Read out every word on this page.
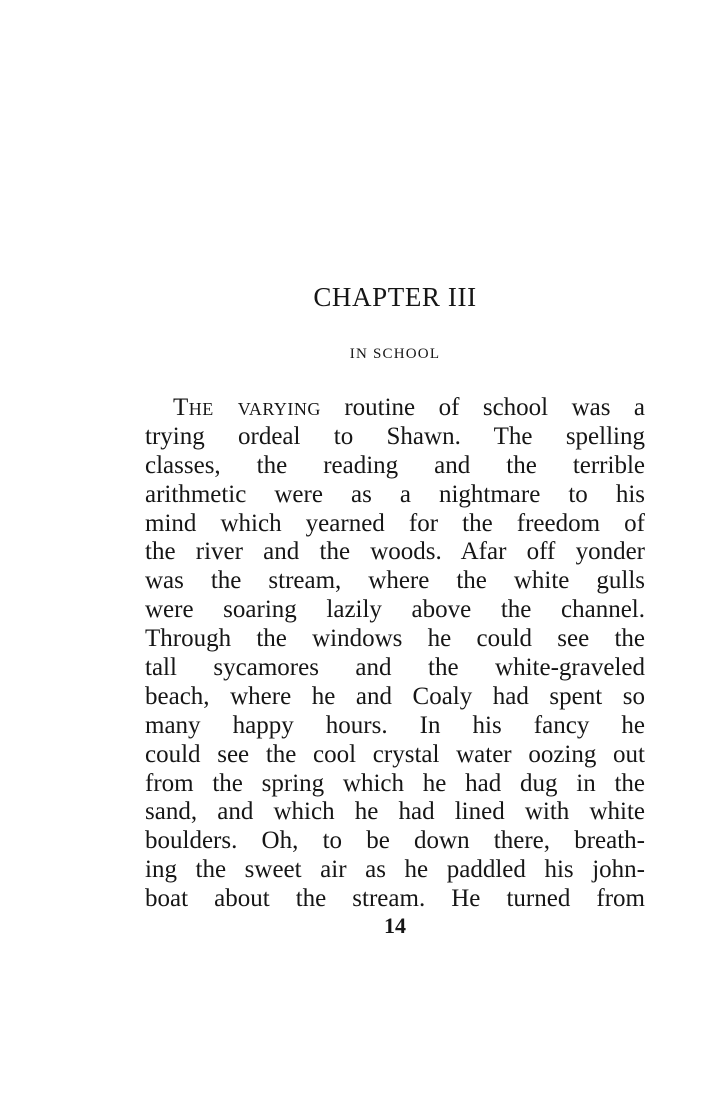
CHAPTER III
IN SCHOOL
The varying routine of school was a
trying ordeal to Shawn. The spelling
classes, the reading and the terrible
arithmetic were as a nightmare to his
mind which yearned for the freedom of
the river and the woods. Afar off yonder
was the stream, where the white gulls
were soaring lazily above the channel.
Through the windows he could see the
tall sycamores and the white-graveled
beach, where he and Coaly had spent so
many happy hours. In his fancy he
could see the cool crystal water oozing out
from the spring which he had dug in the
sand, and which he had lined with white
boulders. Oh, to be down there, breath-
ing the sweet air as he paddled his john-
boat about the stream. He turned from
14
